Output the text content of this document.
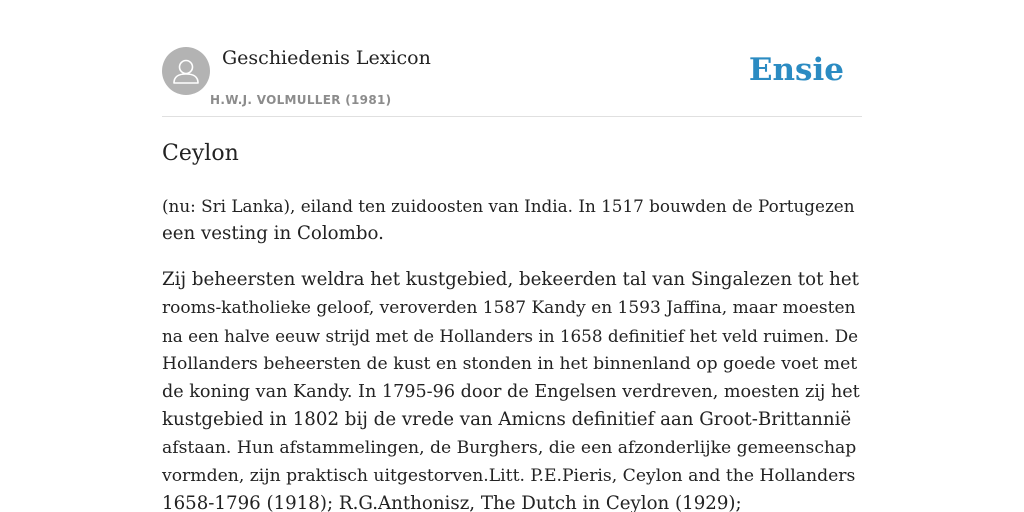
Geschiedenis Lexicon
H.W.J. VOLMULLER (1981)
Ensie
Ceylon

(nu: Sri Lanka), eiland ten zuidoosten van India. In 1517 bouwden de Portugezen
een vesting in Colombo.

Zij beheersten weldra het kustgebied, bekeerden tal van Singalezen tot het
rooms-katholieke geloof, veroverden 1587 Kandy en 1593 Jaffina, maar moesten
na een halve eeuw strijd met de Hollanders in 1658 definitief het veld ruimen. De
Hollanders beheersten de kust en stonden in het binnenland op goede voet met
de koning van Kandy. In 1795-96 door de Engelsen verdreven, moesten zij het
kustgebied in 1802 bij de vrede van Amicns definitief aan Groot-Brittannië
afstaan. Hun afstammelingen, de Burghers, die een afzonderlijke gemeenschap
vormden, zijn praktisch uitgestorven.Litt. P.E.Pieris, Ceylon and the Hollanders
1658-1796 (1918); R.G.Anthonisz, The Dutch in Ceylon (1929);
